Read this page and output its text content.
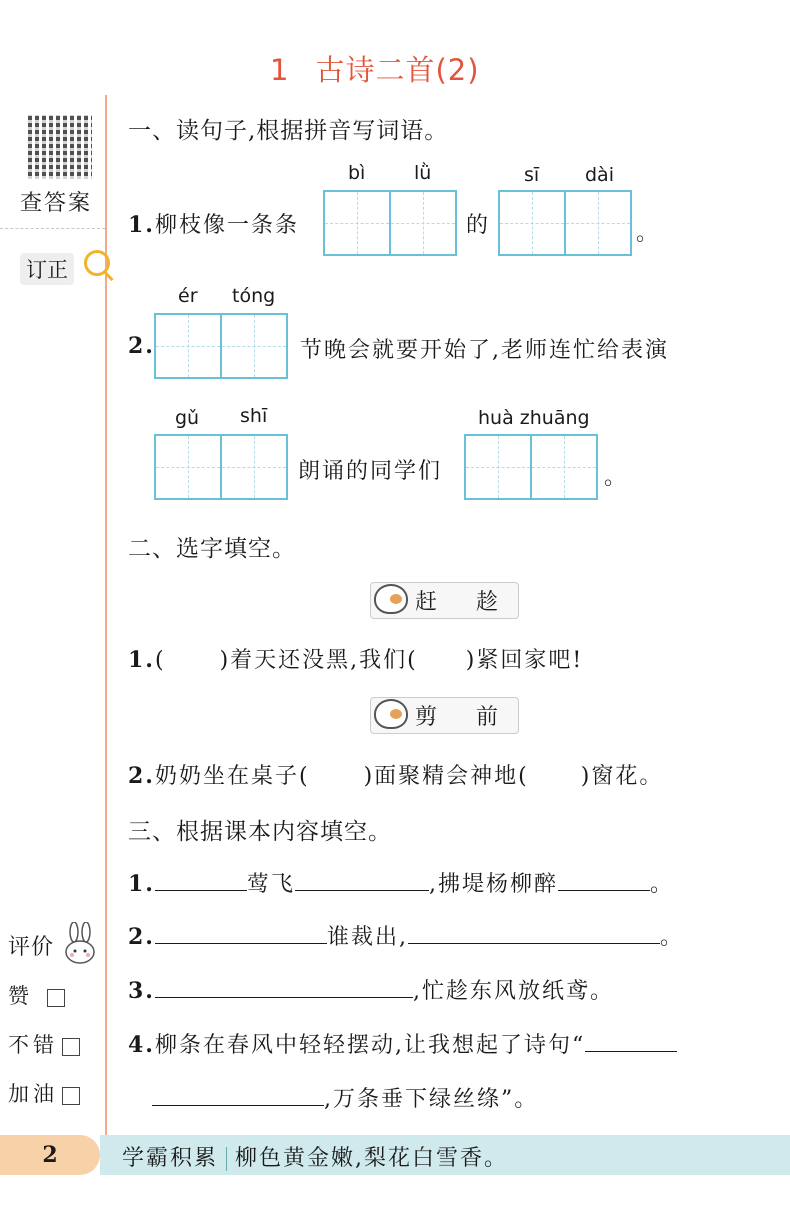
1 古诗二首(2)
查答案
订正
一、读句子,根据拼音写词语。
bì	lǜ	sī dài
1.柳枝像一条条	的	。
ér tóng
2.	节晚会就要开始了,老师连忙给表演
gǔ shī	huà zhuāng
朗诵的同学们	。
二、选字填空。
赶 趁
1.( )着天还没黑,我们( )紧回家吧!
剪 前
2.奶奶坐在桌子( )面聚精会神地( )窗花。
三、根据课本内容填空。
1.	莺飞	,拂堤杨柳醉	。
2.	谁裁出,	。
3.	,忙趁东风放纸鸢。
4.柳条在春风中轻轻摆动,让我想起了诗句“
,万条垂下绿丝绦”。
评价
赞
不错
加油
2	学霸积累 柳色黄金嫩,梨花白雪香。
